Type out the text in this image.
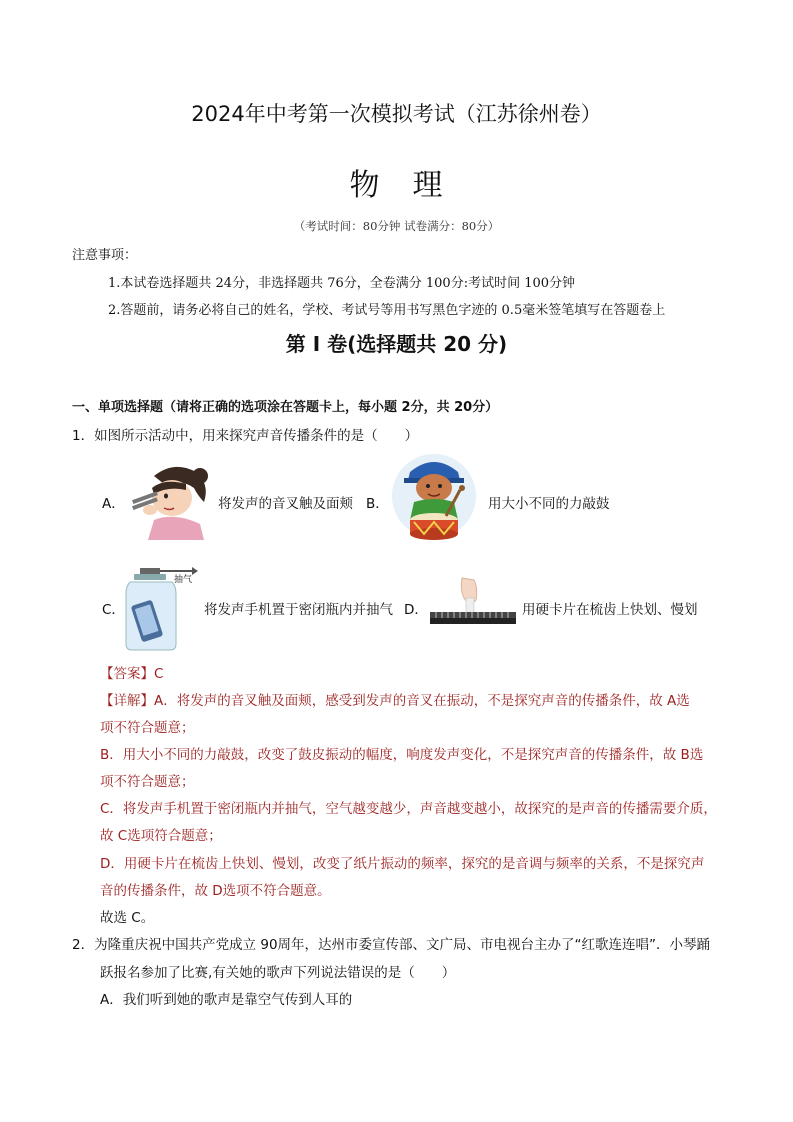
2024年中考第一次模拟考试（江苏徐州卷）
物 理
（考试时间：80分钟 试卷满分：80分）
注意事项：
1.本试卷选择题共 24分，非选择题共 76分，全卷满分 100分:考试时间 100分钟
2.答题前，请务必将自己的姓名，学校、考试号等用书写黑色字迹的 0.5毫米签笔填写在答题卷上
第 I 卷(选择题共 20 分)
一、单项选择题（请将正确的选项涂在答题卡上，每小题 2分，共 20分）
1．如图所示活动中，用来探究声音传播条件的是（　　）
A．	将发声的音叉触及面颊 B．	用大小不同的力敲鼓
C．
抽气
将发声手机置于密闭瓶内并抽气 D．	用硬卡片在梳齿上快划、慢划
【答案】C
【详解】A．将发声的音叉触及面颊，感受到发声的音叉在振动，不是探究声音的传播条件，故 A选
项不符合题意；
B．用大小不同的力敲鼓，改变了鼓皮振动的幅度，响度发声变化，不是探究声音的传播条件，故 B选
项不符合题意；
C．将发声手机置于密闭瓶内并抽气，空气越变越少，声音越变越小，故探究的是声音的传播需要介质，
故 C选项符合题意；
D．用硬卡片在梳齿上快划、慢划，改变了纸片振动的频率，探究的是音调与频率的关系，不是探究声
音的传播条件，故 D选项不符合题意。
故选 C。
2．为隆重庆祝中国共产党成立 90周年，达州市委宣传部、文广局、市电视台主办了“红歌连连唱”．小琴踊
跃报名参加了比赛,有关她的歌声下列说法错误的是（　　）
A．我们听到她的歌声是靠空气传到人耳的
